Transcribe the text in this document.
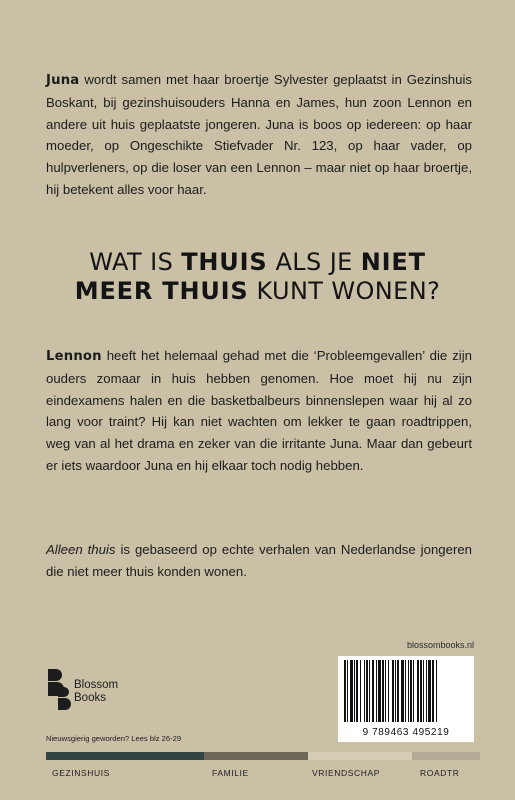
Juna wordt samen met haar broertje Sylvester geplaatst in Gezinshuis Boskant, bij gezinshuisouders Hanna en James, hun zoon Lennon en andere uit huis geplaatste jongeren. Juna is boos op iedereen: op haar moeder, op Ongeschikte Stiefvader Nr. 123, op haar vader, op hulpverleners, op die loser van een Lennon – maar niet op haar broertje, hij betekent alles voor haar.
WAT IS THUIS ALS JE NIET
MEER THUIS KUNT WONEN?
Lennon heeft het helemaal gehad met die ‘Probleemgevallen’ die zijn ouders zomaar in huis hebben genomen. Hoe moet hij nu zijn eindexamens halen en die basketbalbeurs binnenslepen waar hij al zo lang voor traint? Hij kan niet wachten om lekker te gaan roadtrippen, weg van al het drama en zeker van die irritante Juna. Maar dan gebeurt er iets waardoor Juna en hij elkaar toch nodig hebben.
Alleen thuis is gebaseerd op echte verhalen van Nederlandse jongeren die niet meer thuis konden wonen.
blossombooks.nl
9 789463 495219
Blossom
Books
Nieuwsgierig geworden? Lees blz 26-29
GEZINSHUIS	FAMILIE	VRIENDSCHAP	ROADTR
